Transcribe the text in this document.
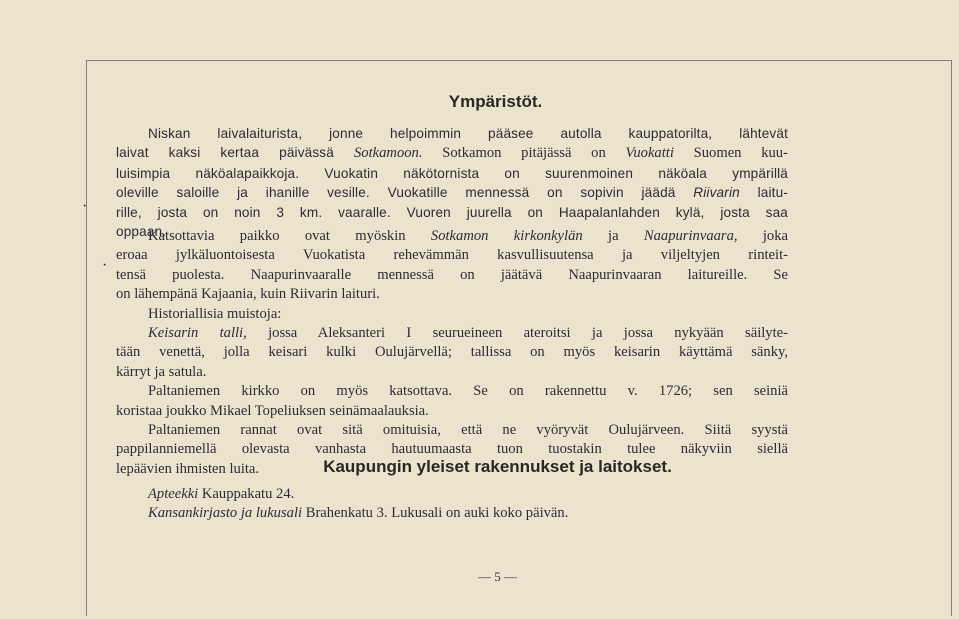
Ympäristöt.

Niskan laivalaiturista, jonne helpoimmin pääsee autolla kauppatorilta, lähtevät

laivat kaksi kertaa päivässä Sotkamoon. Sotkamon pitäjässä on Vuokatti Suomen kuu-

luisimpia näköalapaikkoja. Vuokatin näkötornista on suurenmoinen näköala ympärillä

oleville saloille ja ihanille vesille. Vuokatille mennessä on sopivin jäädä Riivarin laitu-

rille, josta on noin 3 km. vaaralle. Vuoren juurella on Haapalanlahden kylä, josta saa

oppaan.

·
·

Katsottavia paikko ovat myöskin Sotkamon kirkonkylän ja Naapurinvaara, joka

eroaa jylkäluontoisesta Vuokatista rehevämmän kasvullisuutensa ja viljeltyjen rinteit-

tensä puolesta. Naapurinvaaralle mennessä on jäätävä Naapurinvaaran laitureille. Se

on lähempänä Kajaania, kuin Riivarin laituri.

Historiallisia muistoja:

Keisarin talli, jossa Aleksanteri I seurueineen ateroitsi ja jossa nykyään säilyte-

tään venettä, jolla keisari kulki Oulujärvellä; tallissa on myös keisarin käyttämä sänky,

kärryt ja satula.

Paltaniemen kirkko on myös katsottava. Se on rakennettu v. 1726; sen seiniä

koristaa joukko Mikael Topeliuksen seinämaalauksia.

Paltaniemen rannat ovat sitä omituisia, että ne vyöryvät Oulujärveen. Siitä syystä

pappilanniemellä olevasta vanhasta hautuumaasta tuon tuostakin tulee näkyviin siellä

lepäävien ihmisten luita.	Kaupungin yleiset rakennukset ja laitokset.

Apteekki Kauppakatu 24.

Kansankirjasto ja lukusali Brahenkatu 3. Lukusali on auki koko päivän.

— 5 —
